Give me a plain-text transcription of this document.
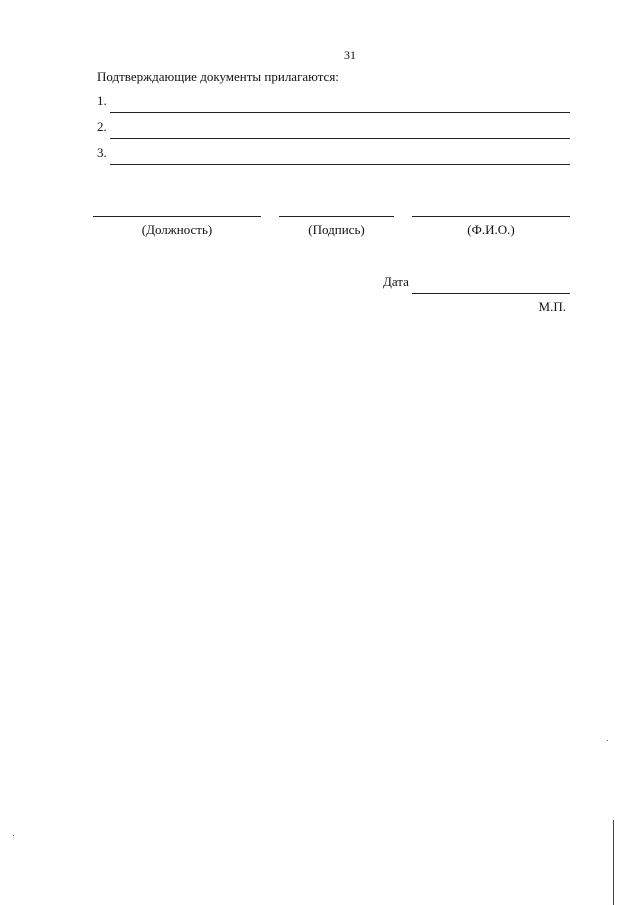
31
Подтверждающие документы прилагаются:
1.
2.
3.
(Должность)	(Подпись)	(Ф.И.О.)
Дата
М.П.
